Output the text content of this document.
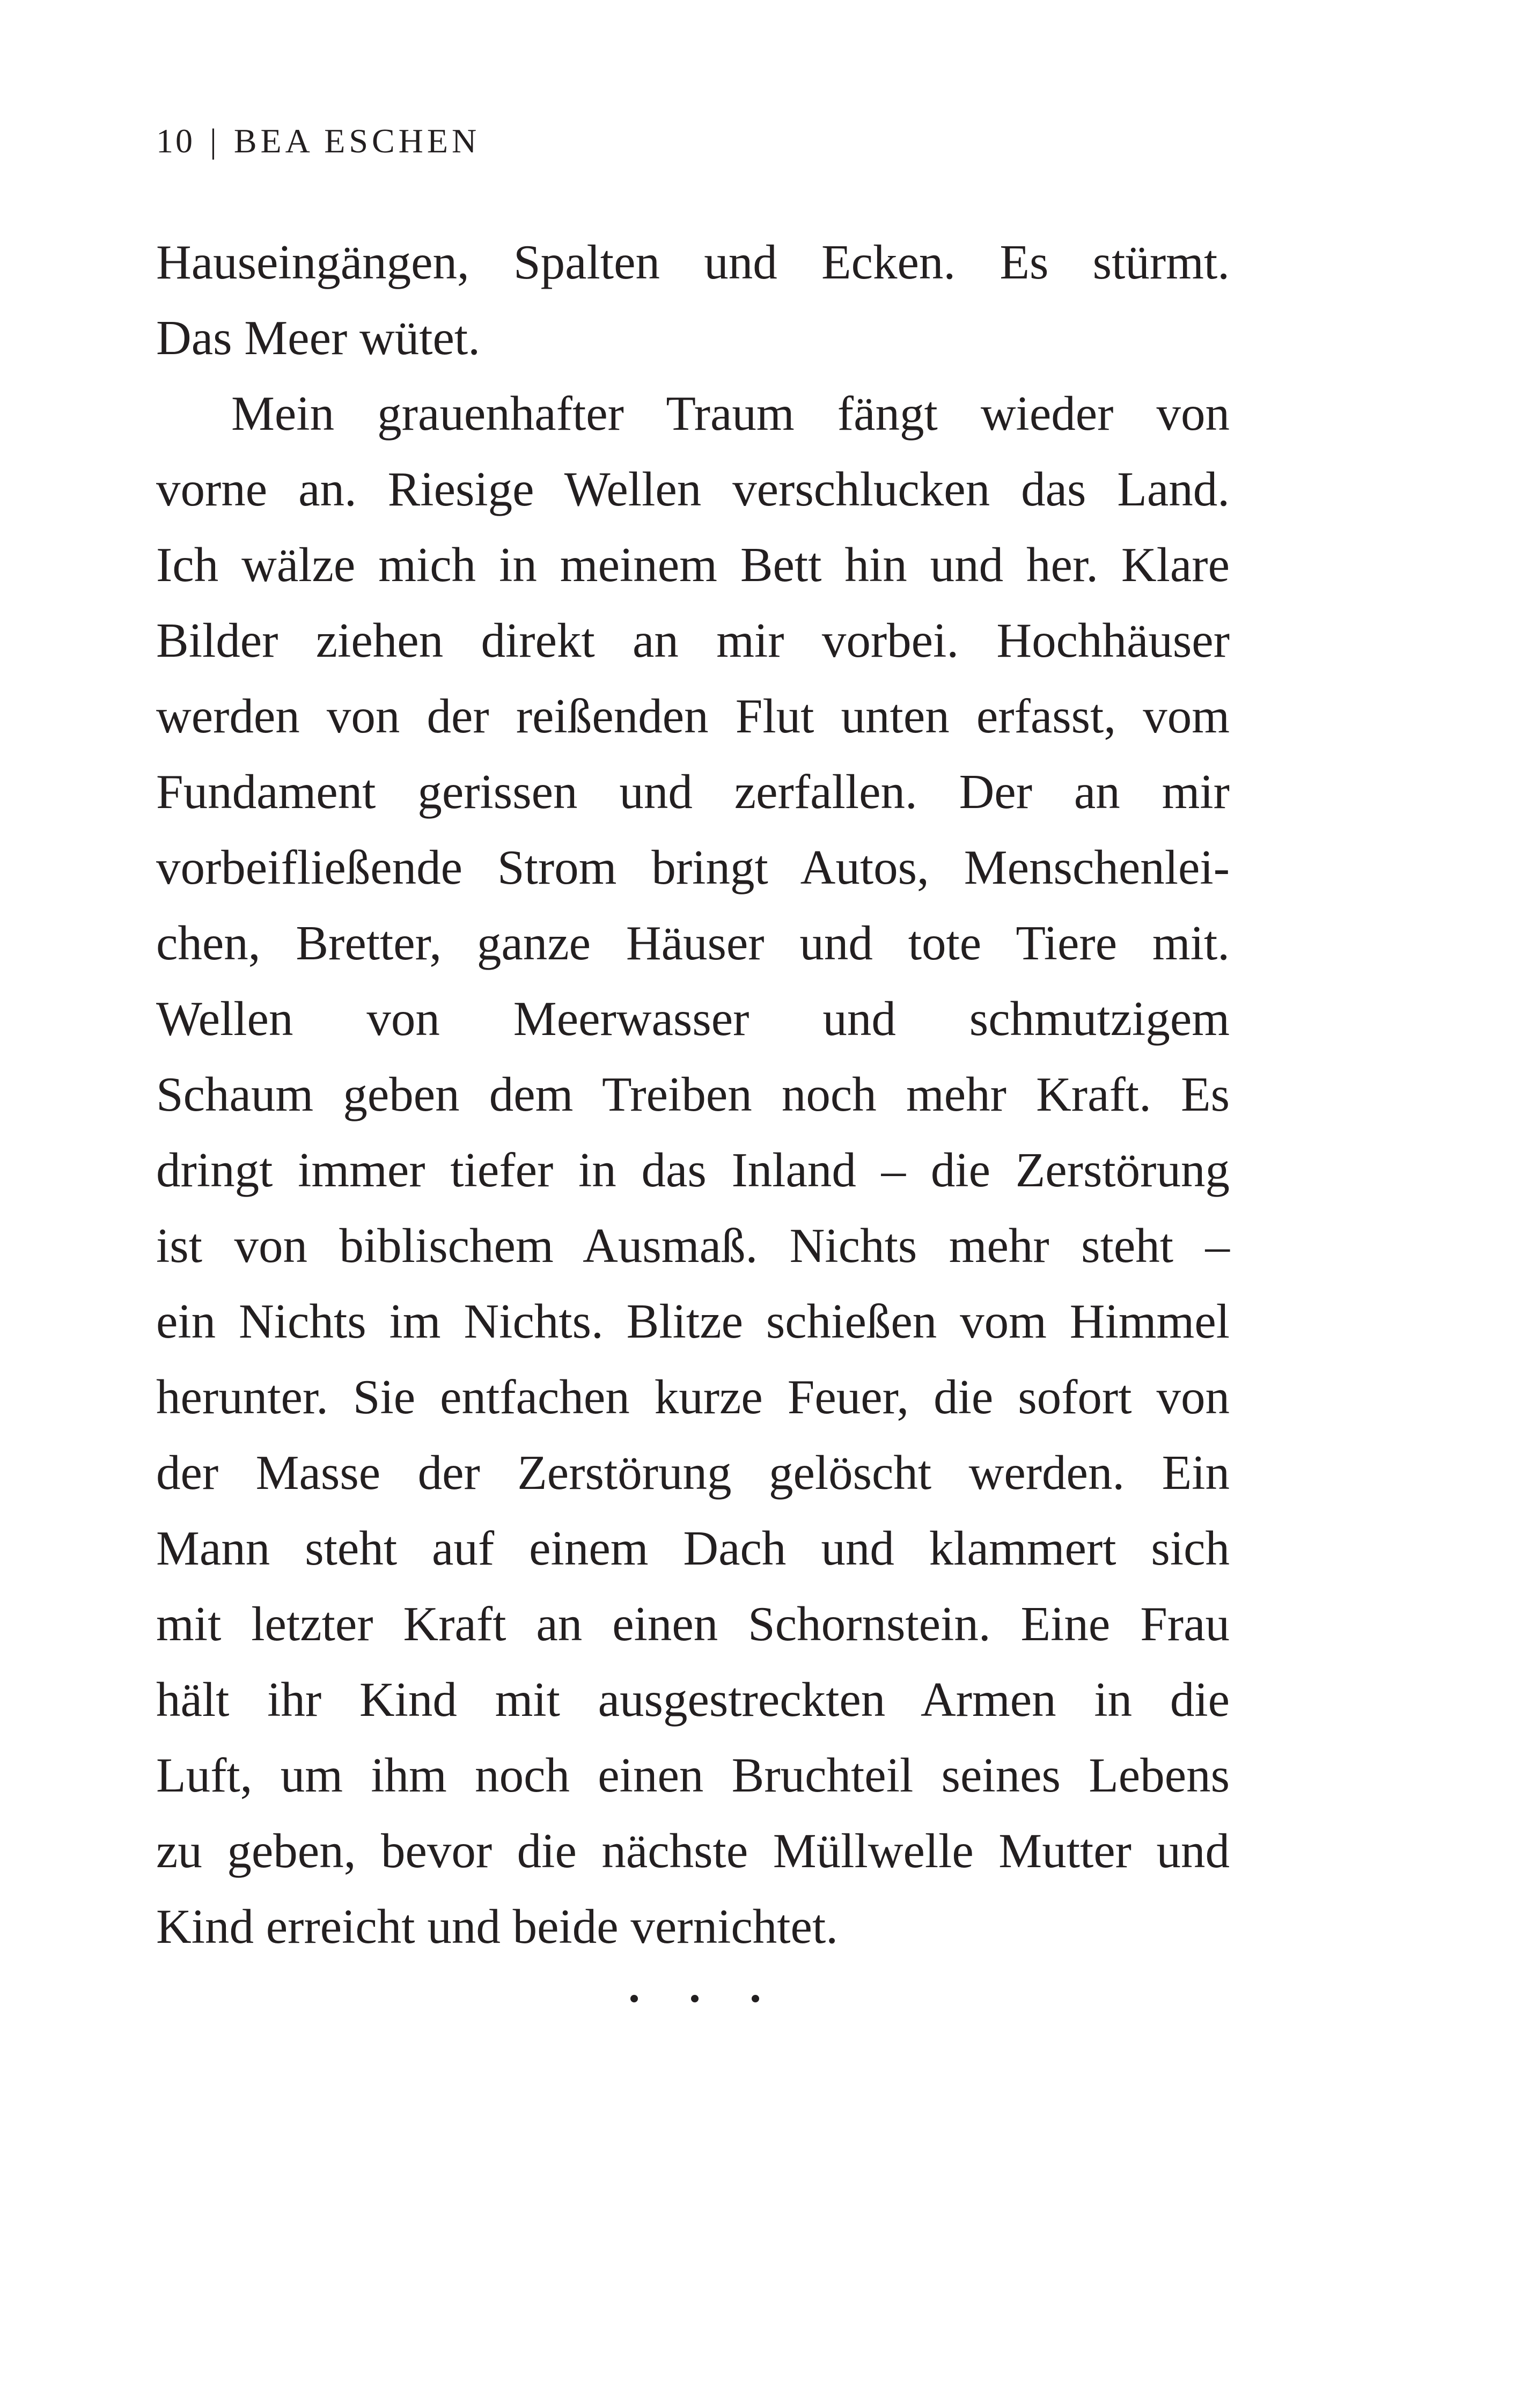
10 | BEA ESCHEN
Hauseingängen, Spalten und Ecken. Es stürmt.
Das Meer wütet.
Mein grauenhafter Traum fängt wieder von
vorne an. Riesige Wellen verschlucken das Land.
Ich wälze mich in meinem Bett hin und her. Klare
Bilder ziehen direkt an mir vorbei. Hochhäuser
werden von der reißenden Flut unten erfasst, vom
Fundament gerissen und zerfallen. Der an mir
vorbeifließende Strom bringt Autos, Menschenlei-
chen, Bretter, ganze Häuser und tote Tiere mit.
Wellen von Meerwasser und schmutzigem
Schaum geben dem Treiben noch mehr Kraft. Es
dringt immer tiefer in das Inland – die Zerstörung
ist von biblischem Ausmaß. Nichts mehr steht –
ein Nichts im Nichts. Blitze schießen vom Himmel
herunter. Sie entfachen kurze Feuer, die sofort von
der Masse der Zerstörung gelöscht werden. Ein
Mann steht auf einem Dach und klammert sich
mit letzter Kraft an einen Schornstein. Eine Frau
hält ihr Kind mit ausgestreckten Armen in die
Luft, um ihm noch einen Bruchteil seines Lebens
zu geben, bevor die nächste Müllwelle Mutter und
Kind erreicht und beide vernichtet.
